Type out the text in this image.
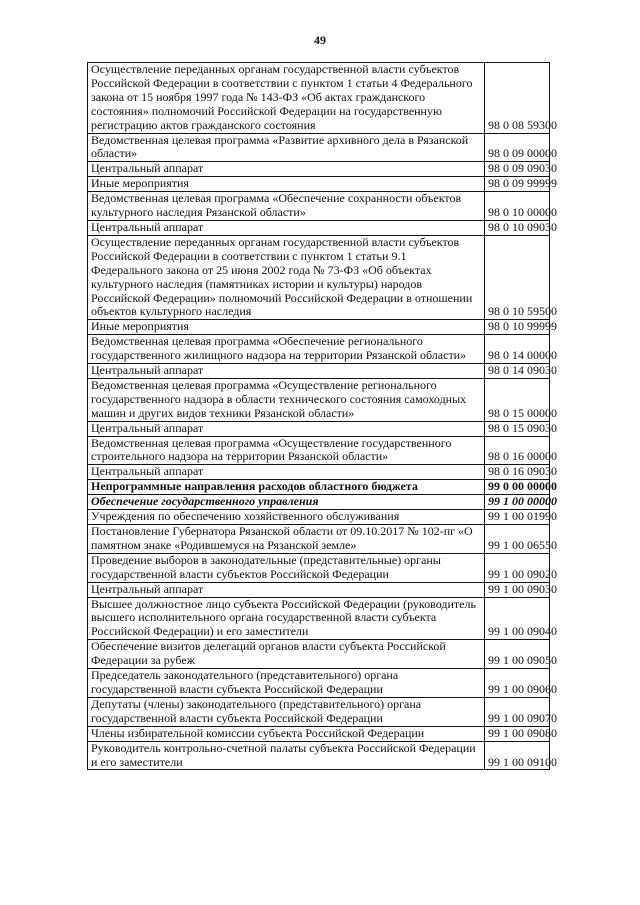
49
Осуществление переданных органам государственной власти субъектов Российской Федерации в соответствии с пунктом 1 статьи 4 Федерального закона от 15 ноября 1997 года № 143-ФЗ «Об актах гражданского состояния» полномочий Российской Федерации на государственную регистрацию актов гражданского состояния	98 0 08 59300
Ведомственная целевая программа «Развитие архивного дела в Рязанской области»	98 0 09 00000
Центральный аппарат	98 0 09 09030
Иные мероприятия	98 0 09 99999
Ведомственная целевая программа «Обеспечение сохранности объектов культурного наследия Рязанской области»	98 0 10 00000
Центральный аппарат	98 0 10 09030
Осуществление переданных органам государственной власти субъектов Российской Федерации в соответствии с пунктом 1 статьи 9.1 Федерального закона от 25 июня 2002 года № 73-ФЗ «Об объектах культурного наследия (памятниках истории и культуры) народов Российской Федерации» полномочий Российской Федерации в отношении объектов культурного наследия	98 0 10 59500
Иные мероприятия	98 0 10 99999
Ведомственная целевая программа «Обеспечение регионального государственного жилищного надзора на территории Рязанской области»	98 0 14 00000
Центральный аппарат	98 0 14 09030
Ведомственная целевая программа «Осуществление регионального государственного надзора в области технического состояния самоходных машин и других видов техники Рязанской области»	98 0 15 00000
Центральный аппарат	98 0 15 09030
Ведомственная целевая программа «Осуществление государственного строительного надзора на территории Рязанской области»	98 0 16 00000
Центральный аппарат	98 0 16 09030
Непрограммные направления расходов областного бюджета	99 0 00 00000
Обеспечение государственного управления	99 1 00 00000
Учреждения по обеспечению хозяйственного обслуживания	99 1 00 01990
Постановление Губернатора Рязанской области от 09.10.2017 № 102-пг «О памятном знаке «Родившемуся на Рязанской земле»	99 1 00 06550
Проведение выборов в законодательные (представительные) органы государственной власти субъектов Российской Федерации	99 1 00 09020
Центральный аппарат	99 1 00 09030
Высшее должностное лицо субъекта Российской Федерации (руководитель высшего исполнительного органа государственной власти субъекта Российской Федерации) и его заместители	99 1 00 09040
Обеспечение визитов делегаций органов власти субъекта Российской Федерации за рубеж	99 1 00 09050
Председатель законодательного (представительного) органа государственной власти субъекта Российской Федерации	99 1 00 09060
Депутаты (члены) законодательного (представительного) органа государственной власти субъекта Российской Федерации	99 1 00 09070
Члены избирательной комиссии субъекта Российской Федерации	99 1 00 09080
Руководитель контрольно-счетной палаты субъекта Российской Федерации и его заместители	99 1 00 09100
